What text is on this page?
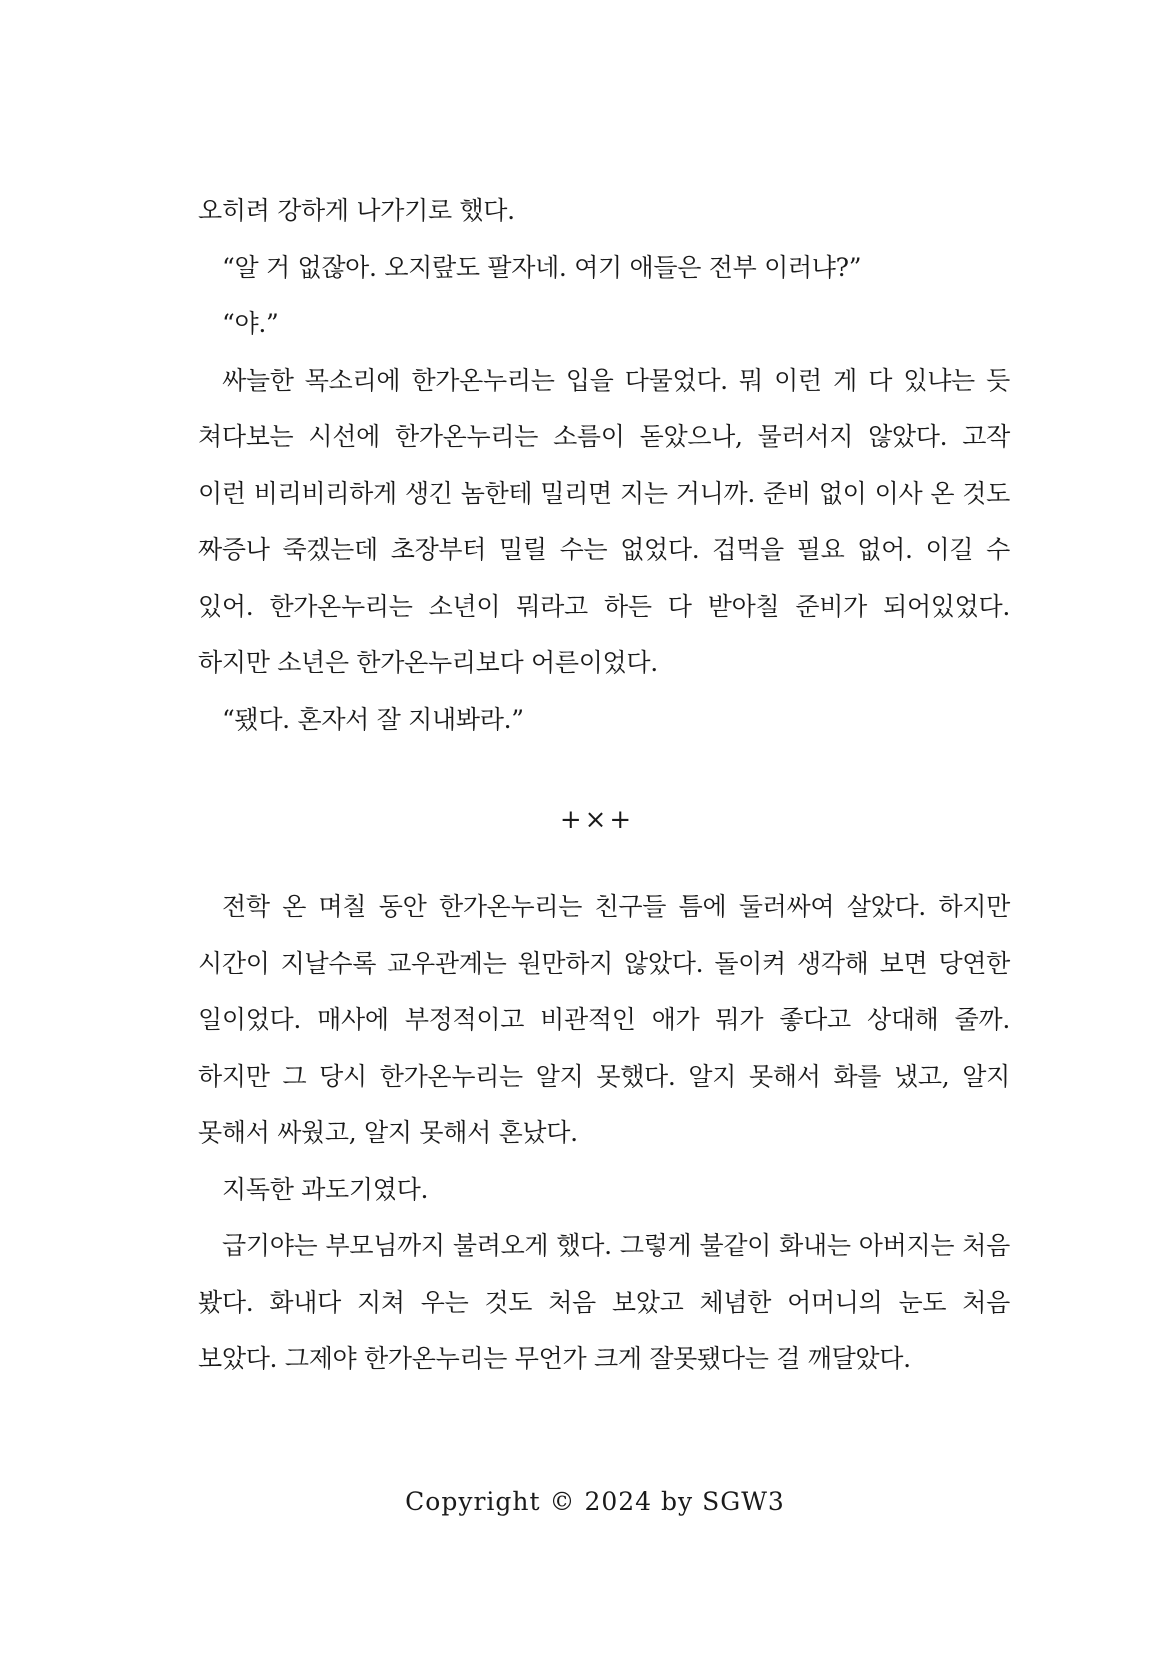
오히려 강하게 나가기로 했다.

“알 거 없잖아. 오지랖도 팔자네. 여기 애들은 전부 이러냐?”

“야.”

싸늘한 목소리에 한가온누리는 입을 다물었다. 뭐 이런 게 다 있냐는 듯 쳐다보는 시선에 한가온누리는 소름이 돋았으나, 물러서지 않았다. 고작 이런 비리비리하게 생긴 놈한테 밀리면 지는 거니까. 준비 없이 이사 온 것도 짜증나 죽겠는데 초장부터 밀릴 수는 없었다. 겁먹을 필요 없어. 이길 수 있어. 한가온누리는 소년이 뭐라고 하든 다 받아칠 준비가 되어있었다. 하지만 소년은 한가온누리보다 어른이었다.

“됐다. 혼자서 잘 지내봐라.”

+×+

전학 온 며칠 동안 한가온누리는 친구들 틈에 둘러싸여 살았다. 하지만 시간이 지날수록 교우관계는 원만하지 않았다. 돌이켜 생각해 보면 당연한 일이었다. 매사에 부정적이고 비관적인 애가 뭐가 좋다고 상대해 줄까. 하지만 그 당시 한가온누리는 알지 못했다. 알지 못해서 화를 냈고, 알지 못해서 싸웠고, 알지 못해서 혼났다.

지독한 과도기였다.

급기야는 부모님까지 불려오게 했다. 그렇게 불같이 화내는 아버지는 처음 봤다. 화내다 지쳐 우는 것도 처음 보았고 체념한 어머니의 눈도 처음 보았다. 그제야 한가온누리는 무언가 크게 잘못됐다는 걸 깨달았다.

Copyright © 2024 by SGW3
